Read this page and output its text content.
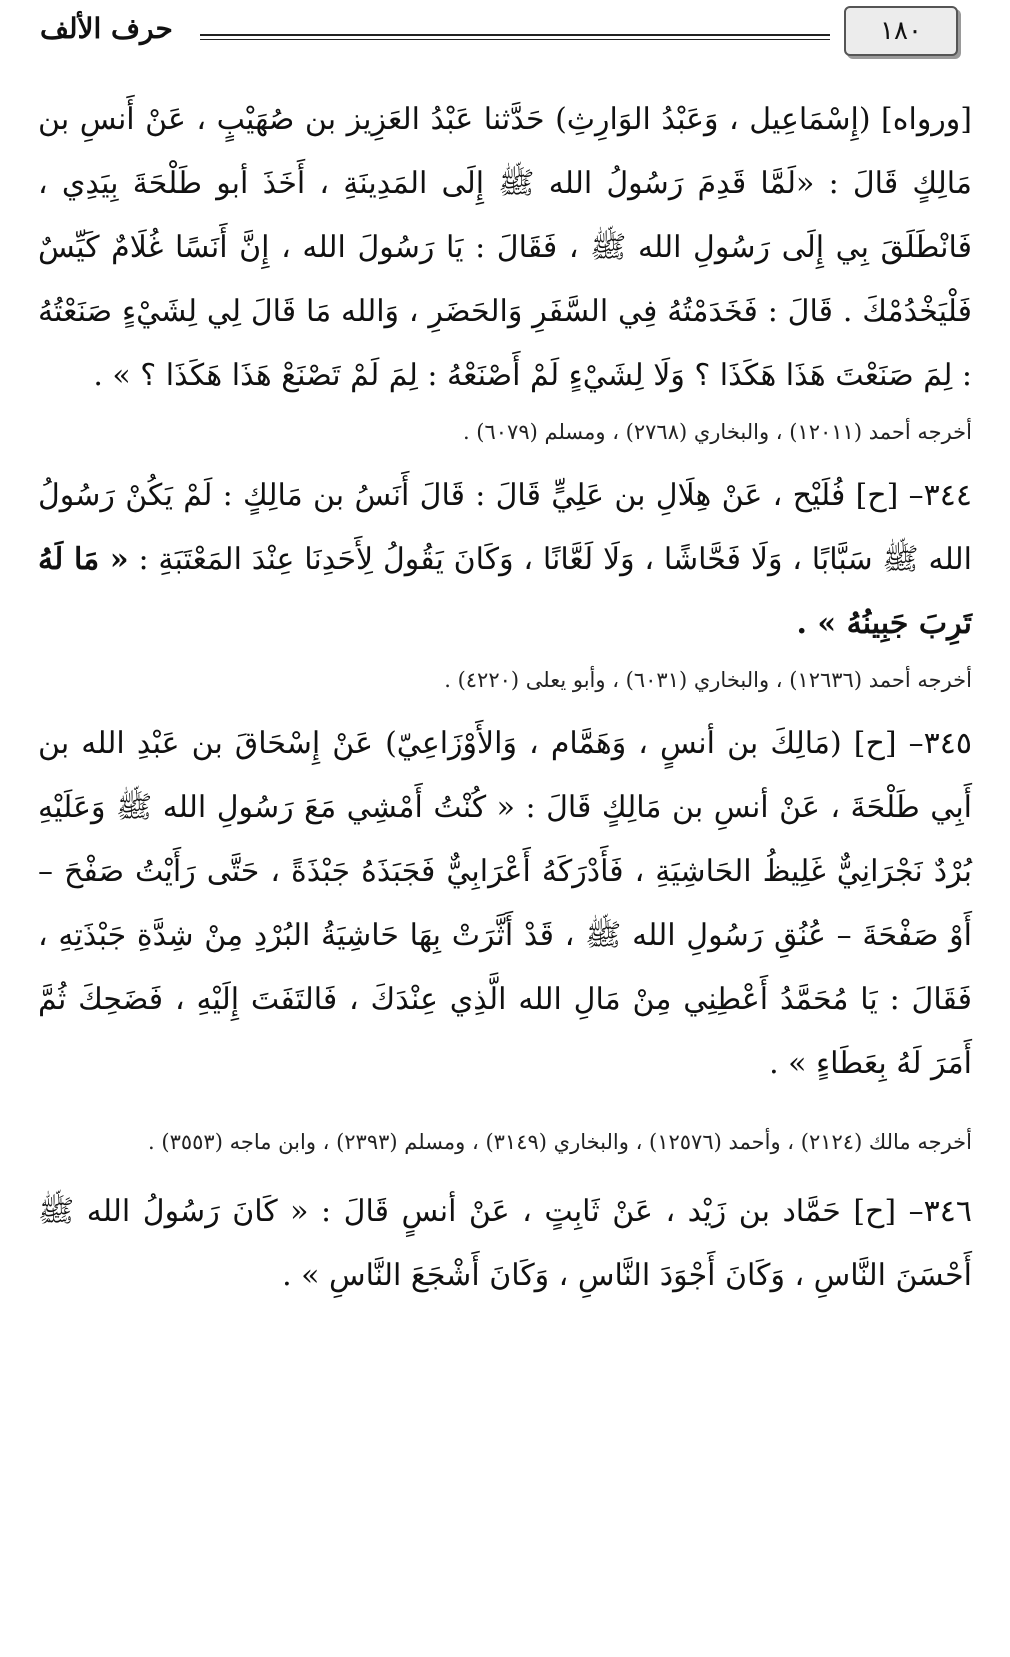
١٨٠
حرف الألف

[ورواه] (إِسْمَاعِيل ، وَعَبْدُ الوَارِثِ) حَدَّثنا عَبْدُ العَزِيز بن صُهَيْبٍ ، عَنْ أَنسِ بن مَالِكٍ قَالَ : «لَمَّا قَدِمَ رَسُولُ الله ﷺ إِلَى المَدِينَةِ ، أَخَذَ أبو طَلْحَةَ بِيَدِي ، فَانْطَلَقَ بِي إِلَى رَسُولِ الله ﷺ ، فَقَالَ : يَا رَسُولَ الله ، إِنَّ أَنَسًا غُلَامٌ كَيِّسٌ فَلْيَخْدُمْكَ . قَالَ : فَخَدَمْتُهُ فِي السَّفَرِ وَالحَضَرِ ، وَالله مَا قَالَ لِي لِشَيْءٍ صَنَعْتُهُ : لِمَ صَنَعْتَ هَذَا هَكَذَا ؟ وَلَا لِشَيْءٍ لَمْ أَصْنَعْهُ : لِمَ لَمْ تَصْنَعْ هَذَا هَكَذَا ؟ » .

أخرجه أحمد (١٢٠١١) ، والبخاري (٢٧٦٨) ، ومسلم (٦٠٧٩) .

٣٤٤– [ح] فُلَيْح ، عَنْ هِلَالِ بن عَلِيٍّ قَالَ : قَالَ أَنَسُ بن مَالِكٍ : لَمْ يَكُنْ رَسُولُ الله ﷺ سَبَّابًا ، وَلَا فَحَّاشًا ، وَلَا لَعَّانًا ، وَكَانَ يَقُولُ لِأَحَدِنَا عِنْدَ المَعْتَبَةِ : « مَا لَهُ تَرِبَ جَبِينُهُ » .

أخرجه أحمد (١٢٦٣٦) ، والبخاري (٦٠٣١) ، وأبو يعلى (٤٢٢٠) .

٣٤٥– [ح] (مَالِكَ بن أنسٍ ، وَهَمَّام ، وَالأَوْزَاعِيّ) عَنْ إِسْحَاقَ بن عَبْدِ الله بن أَبِي طَلْحَةَ ، عَنْ أنسِ بن مَالِكٍ قَالَ : « كُنْتُ أَمْشِي مَعَ رَسُولِ الله ﷺ وَعَلَيْهِ بُرْدٌ نَجْرَانِيٌّ غَلِيظُ الحَاشِيَةِ ، فَأَدْرَكَهُ أَعْرَابِيٌّ فَجَبَذَهُ جَبْذَةً ، حَتَّى رَأَيْتُ صَفْحَ – أَوْ صَفْحَةَ – عُنُقِ رَسُولِ الله ﷺ ، قَدْ أَثَّرَتْ بِهَا حَاشِيَةُ البُرْدِ مِنْ شِدَّةِ جَبْذَتِهِ ، فَقَالَ : يَا مُحَمَّدُ أَعْطِنِي مِنْ مَالِ الله الَّذِي عِنْدَكَ ، فَالتَفَتَ إِلَيْهِ ، فَضَحِكَ ثُمَّ أَمَرَ لَهُ بِعَطَاءٍ » .

أخرجه مالك (٢١٢٤) ، وأحمد (١٢٥٧٦) ، والبخاري (٣١٤٩) ، ومسلم (٢٣٩٣) ، وابن ماجه (٣٥٥٣) .

٣٤٦– [ح] حَمَّاد بن زَيْد ، عَنْ ثَابِتٍ ، عَنْ أنسٍ قَالَ : « كَانَ رَسُولُ الله ﷺ أَحْسَنَ النَّاسِ ، وَكَانَ أَجْوَدَ النَّاسِ ، وَكَانَ أَشْجَعَ النَّاسِ » .
